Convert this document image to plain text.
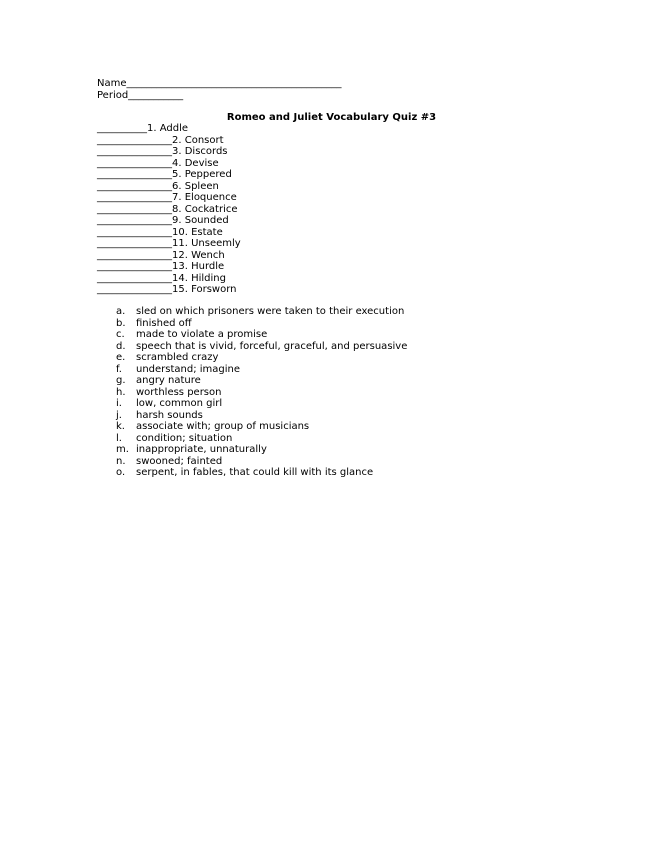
Name___________________________________________
Period___________
Romeo and Juliet Vocabulary Quiz #3
__________1. Addle
_______________2. Consort
_______________3. Discords
_______________4. Devise
_______________5. Peppered
_______________6. Spleen
_______________7. Eloquence
_______________8. Cockatrice
_______________9. Sounded
_______________10. Estate
_______________11. Unseemly
_______________12. Wench
_______________13. Hurdle
_______________14. Hilding
_______________15. Forsworn
a.	sled on which prisoners were taken to their execution
b.	finished off
c.	made to violate a promise
d.	speech that is vivid, forceful, graceful, and persuasive
e.	scrambled crazy
f.	understand; imagine
g.	angry nature
h.	worthless person
i.	low, common girl
j.	harsh sounds
k.	associate with; group of musicians
l.	condition; situation
m. inappropriate, unnaturally
n.	swooned; fainted
o.	serpent, in fables, that could kill with its glance
